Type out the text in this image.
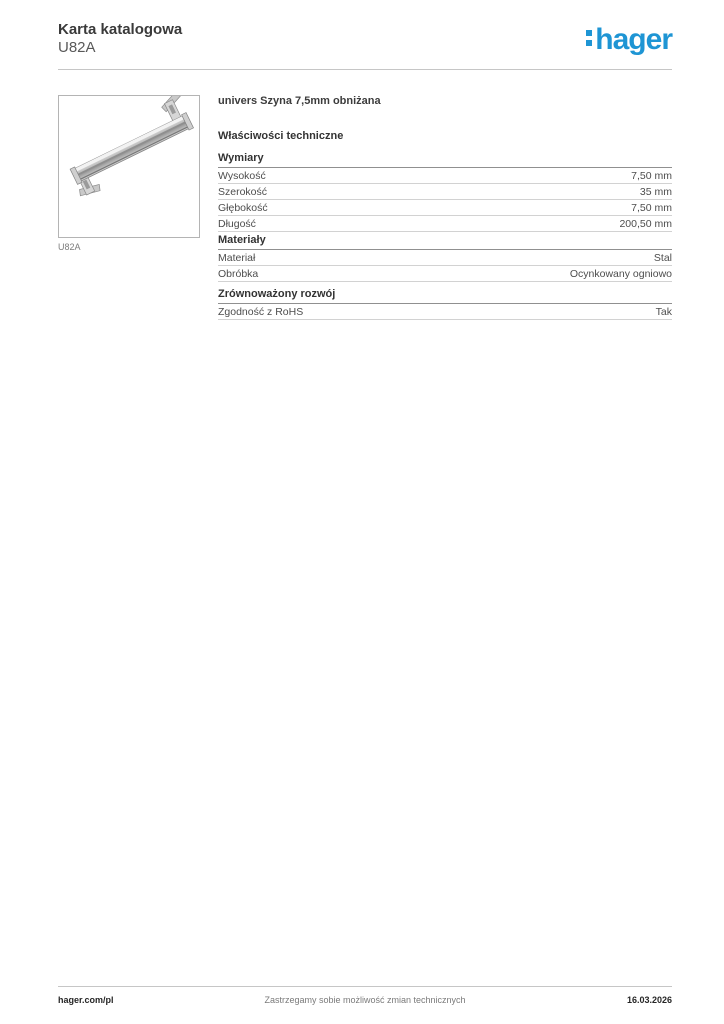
Karta katalogowa
U82A	hager
U82A
univers Szyna 7,5mm obniżana
Właściwości techniczne
Wymiary
Wysokość	7,50 mm
Szerokość	35 mm
Głębokość	7,50 mm
Długość	200,50 mm
Materiały
Materiał	Stal
Obróbka	Ocynkowany ogniowo
Zrównoważony rozwój
Zgodność z RoHS	Tak
hager.com/pl	Zastrzegamy sobie możliwość zmian technicznych	16.03.2026
